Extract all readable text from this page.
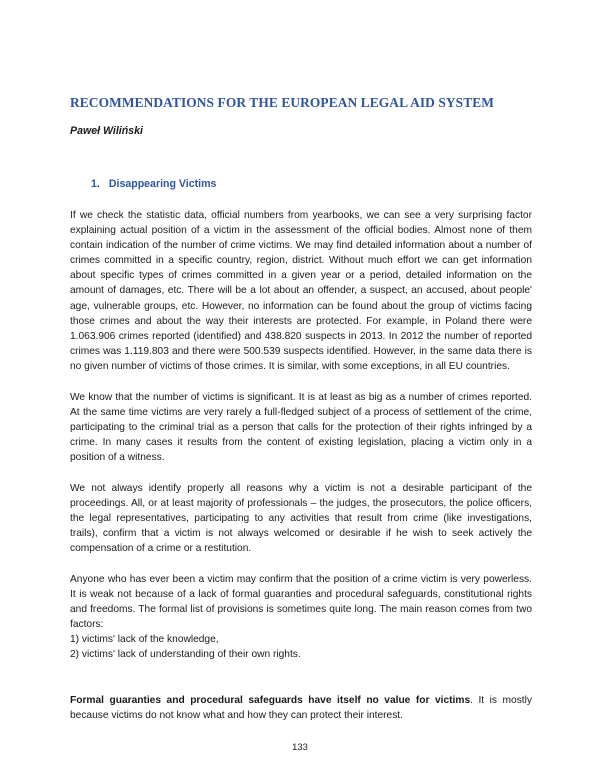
RECOMMENDATIONS FOR THE EUROPEAN LEGAL AID SYSTEM
Paweł Wiliński
1. Disappearing Victims

If we check the statistic data, official numbers from yearbooks, we can see a very surprising factor explaining actual position of a victim in the assessment of the official bodies. Almost none of them contain indication of the number of crime victims. We may find detailed information about a number of crimes committed in a specific country, region, district. Without much effort we can get information about specific types of crimes committed in a given year or a period, detailed information on the amount of damages, etc. There will be a lot about an offender, a suspect, an accused, about people' age, vulnerable groups, etc. However, no information can be found about the group of victims facing those crimes and about the way their interests are protected. For example, in Poland there were 1.063.906 crimes reported (identified) and 438.820 suspects in 2013. In 2012 the number of reported crimes was 1.119.803 and there were 500.539 suspects identified. However, in the same data there is no given number of victims of those crimes. It is similar, with some exceptions, in all EU countries.

We know that the number of victims is significant. It is at least as big as a number of crimes reported. At the same time victims are very rarely a full-fledged subject of a process of settlement of the crime, participating to the criminal trial as a person that calls for the protection of their rights infringed by a crime. In many cases it results from the content of existing legislation, placing a victim only in a position of a witness.

We not always identify properly all reasons why a victim is not a desirable participant of the proceedings. All, or at least majority of professionals – the judges, the prosecutors, the police officers, the legal representatives, participating to any activities that result from crime (like investigations, trails), confirm that a victim is not always welcomed or desirable if he wish to seek actively the compensation of a crime or a restitution.

Anyone who has ever been a victim may confirm that the position of a crime victim is very powerless. It is weak not because of a lack of formal guaranties and procedural safeguards, constitutional rights and freedoms. The formal list of provisions is sometimes quite long. The main reason comes from two factors:
1) victims' lack of the knowledge,
2) victims' lack of understanding of their own rights.

Formal guaranties and procedural safeguards have itself no value for victims. It is mostly because victims do not know what and how they can protect their interest.

133
